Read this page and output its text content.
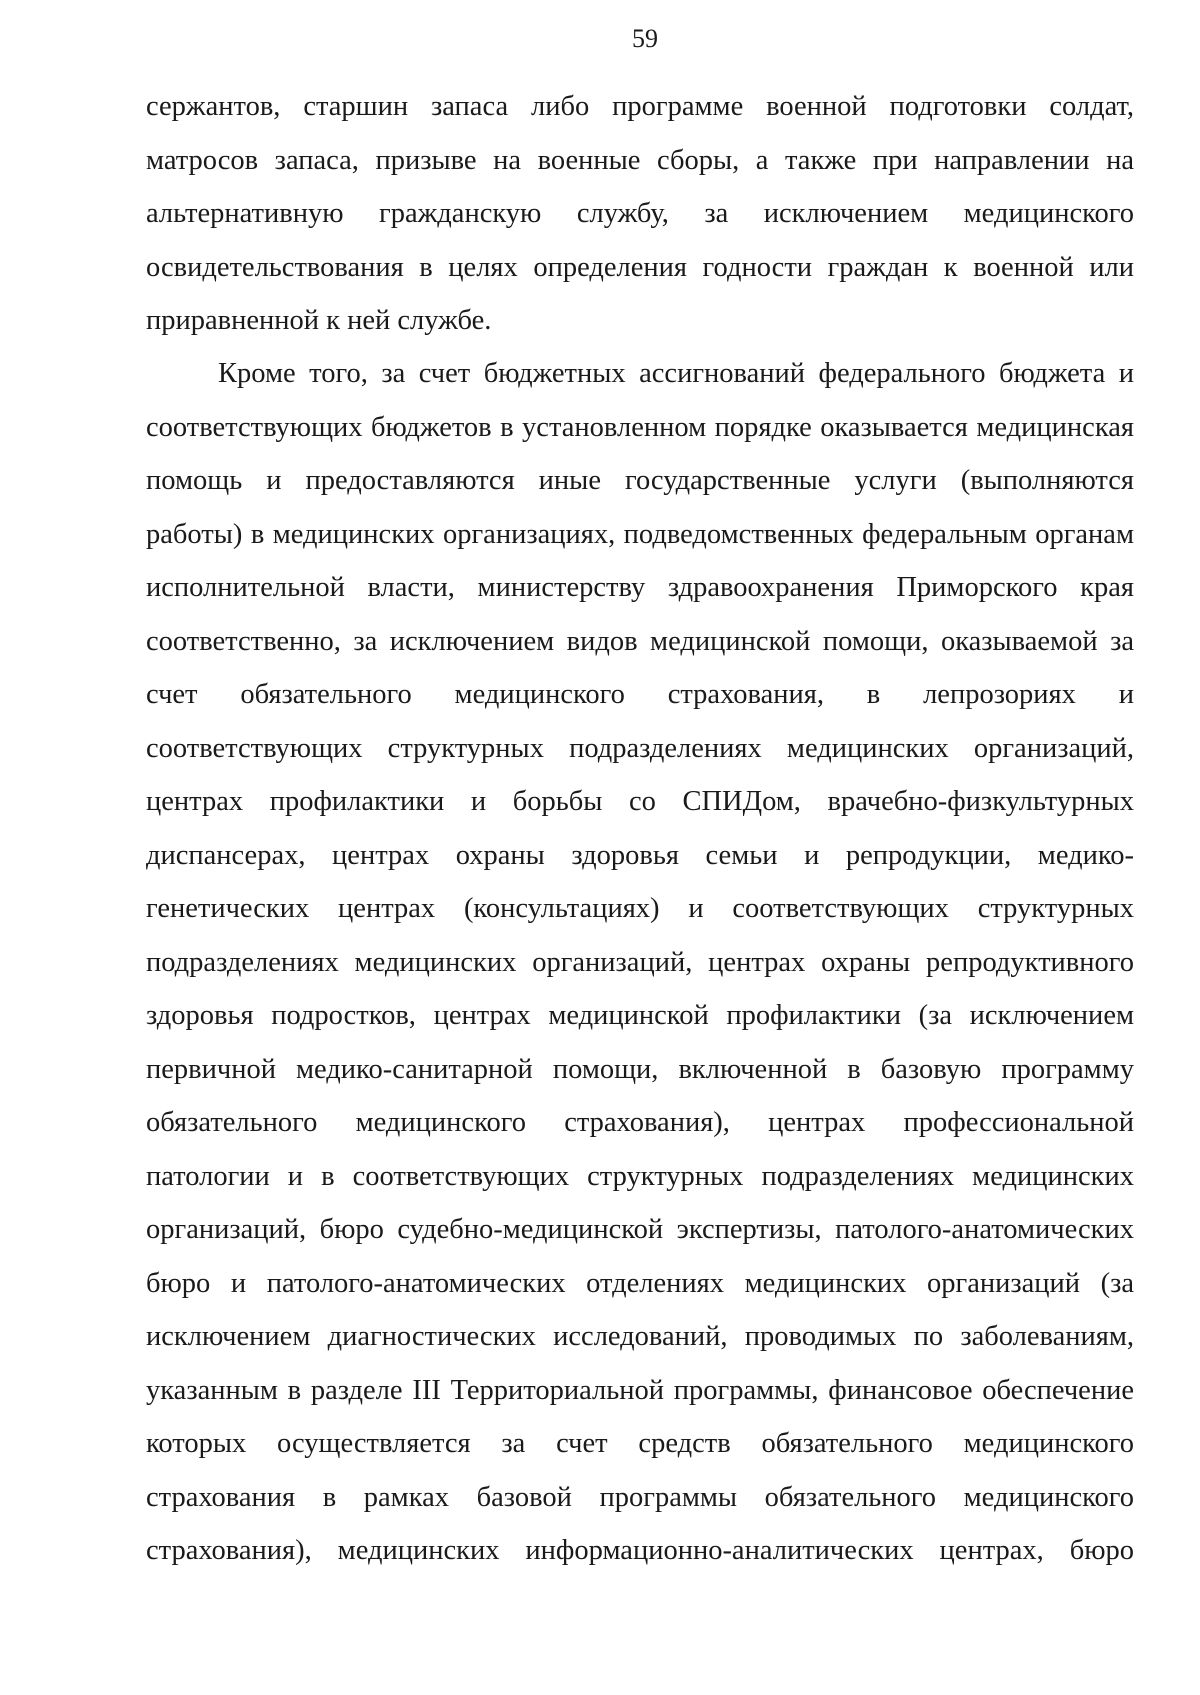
59
сержантов, старшин запаса либо программе военной подготовки солдат,
матросов запаса, призыве на военные сборы, а также при направлении на
альтернативную гражданскую службу, за исключением медицинского
освидетельствования в целях определения годности граждан к военной или
приравненной к ней службе.
Кроме того, за счет бюджетных ассигнований федерального бюджета и
соответствующих бюджетов в установленном порядке оказывается медицинская
помощь и предоставляются иные государственные услуги (выполняются
работы) в медицинских организациях, подведомственных федеральным органам
исполнительной власти, министерству здравоохранения Приморского края
соответственно, за исключением видов медицинской помощи, оказываемой за
счет обязательного медицинского страхования, в лепрозориях и
соответствующих структурных подразделениях медицинских организаций,
центрах профилактики и борьбы со СПИДом, врачебно-физкультурных
диспансерах, центрах охраны здоровья семьи и репродукции, медико-
генетических центрах (консультациях) и соответствующих структурных
подразделениях медицинских организаций, центрах охраны репродуктивного
здоровья подростков, центрах медицинской профилактики (за исключением
первичной медико-санитарной помощи, включенной в базовую программу
обязательного медицинского страхования), центрах профессиональной
патологии и в соответствующих структурных подразделениях медицинских
организаций, бюро судебно-медицинской экспертизы, патолого-анатомических
бюро и патолого-анатомических отделениях медицинских организаций (за
исключением диагностических исследований, проводимых по заболеваниям,
указанным в разделе III Территориальной программы, финансовое обеспечение
которых осуществляется за счет средств обязательного медицинского
страхования в рамках базовой программы обязательного медицинского
страхования), медицинских информационно-аналитических центрах, бюро
